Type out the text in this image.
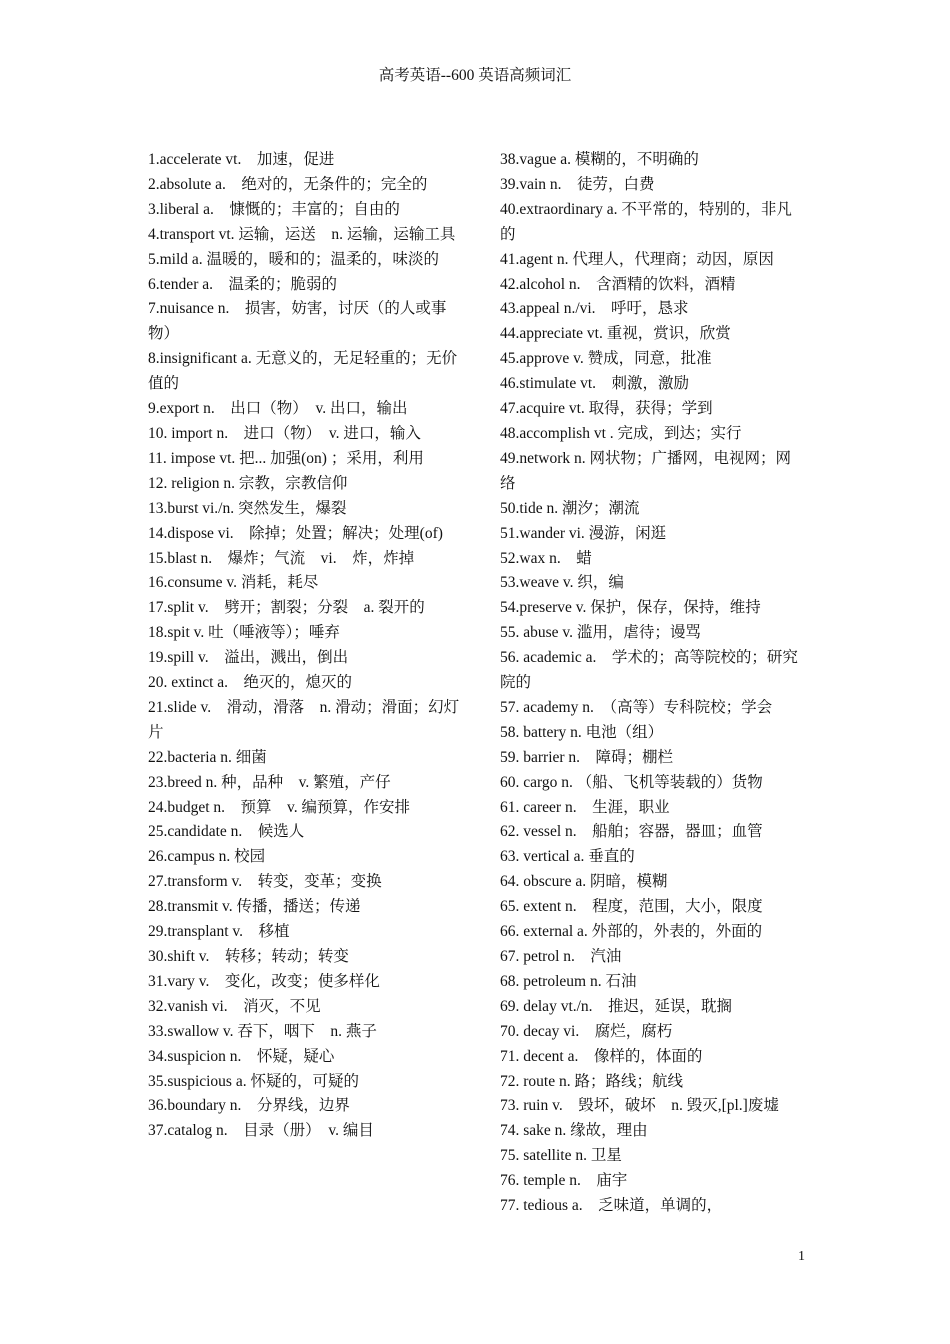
高考英语--600 英语高频词汇

1.accelerate vt.　加速，促进

2.absolute a.　绝对的，无条件的；完全的

3.liberal a.　慷慨的；丰富的；自由的

4.transport vt. 运输，运送　n. 运输，运输工具

5.mild a. 温暖的，暖和的；温柔的，味淡的

6.tender a.　温柔的；脆弱的

7.nuisance n.　损害，妨害，讨厌（的人或事物）

8.insignificant a. 无意义的，无足轻重的；无价值的

9.export n.　出口（物）　v. 出口，输出

10. import n.　进口（物）　v. 进口，输入

11. impose vt. 把... 加强(on) ；采用，利用

12. religion n. 宗教，宗教信仰

13.burst vi./n. 突然发生，爆裂

14.dispose vi.　除掉；处置；解决；处理(of)

15.blast n.　爆炸；气流　vi.　炸，炸掉

16.consume v. 消耗，耗尽

17.split v.　劈开；割裂；分裂　a. 裂开的

18.spit v. 吐（唾液等）；唾弃

19.spill v.　溢出，溅出，倒出

20. extinct a.　绝灭的，熄灭的

21.slide v.　滑动，滑落　n. 滑动；滑面；幻灯片

22.bacteria n. 细菌

23.breed n. 种，品种　v. 繁殖，产仔

24.budget n.　预算　v. 编预算，作安排

25.candidate n.　候选人

26.campus n. 校园

27.transform v.　转变，变革；变换

28.transmit v. 传播，播送；传递

29.transplant v.　移植

30.shift v.　转移；转动；转变

31.vary v.　变化，改变；使多样化

32.vanish vi.　消灭，不见

33.swallow v. 吞下，咽下　n. 燕子

34.suspicion n.　怀疑，疑心

35.suspicious a. 怀疑的，可疑的

36.boundary n.　分界线，边界

37.catalog n.　目录（册）　v. 编目

38.vague a. 模糊的，不明确的

39.vain n.　徒劳，白费

40.extraordinary a. 不平常的，特别的，非凡的

41.agent n. 代理人，代理商；动因，原因

42.alcohol n.　含酒精的饮料，酒精

43.appeal n./vi.　呼吁，恳求

44.appreciate vt. 重视，赏识，欣赏

45.approve v. 赞成，同意，批准

46.stimulate vt.　刺激，激励

47.acquire vt. 取得，获得；学到

48.accomplish vt . 完成，到达；实行

49.network n. 网状物；广播网，电视网；网络

50.tide n. 潮汐；潮流

51.wander vi. 漫游，闲逛

52.wax n.　蜡

53.weave v. 织，编

54.preserve v. 保护，保存，保持，维持

55. abuse v. 滥用，虐待；谩骂

56. academic a.　学术的；高等院校的；研究院的

57. academy n.　（高等）专科院校；学会

58. battery n. 电池（组）

59. barrier n.　障碍；棚栏

60. cargo n. （船、飞机等装载的）货物

61. career n.　生涯，职业

62. vessel n.　船舶；容器，器皿；血管

63. vertical a. 垂直的

64. obscure a. 阴暗，模糊

65. extent n.　程度，范围，大小，限度

66. external a. 外部的，外表的，外面的

67. petrol n.　汽油

68. petroleum n. 石油

69. delay vt./n.　推迟，延误，耽搁

70. decay vi.　腐烂，腐朽

71. decent a.　像样的，体面的

72. route n. 路；路线；航线

73. ruin v.　毁坏，破坏　n. 毁灭,[pl.]废墟

74. sake n. 缘故，理由

75. satellite n. 卫星

76. temple n.　庙宇

77. tedious a.　乏味道，单调的，

1
